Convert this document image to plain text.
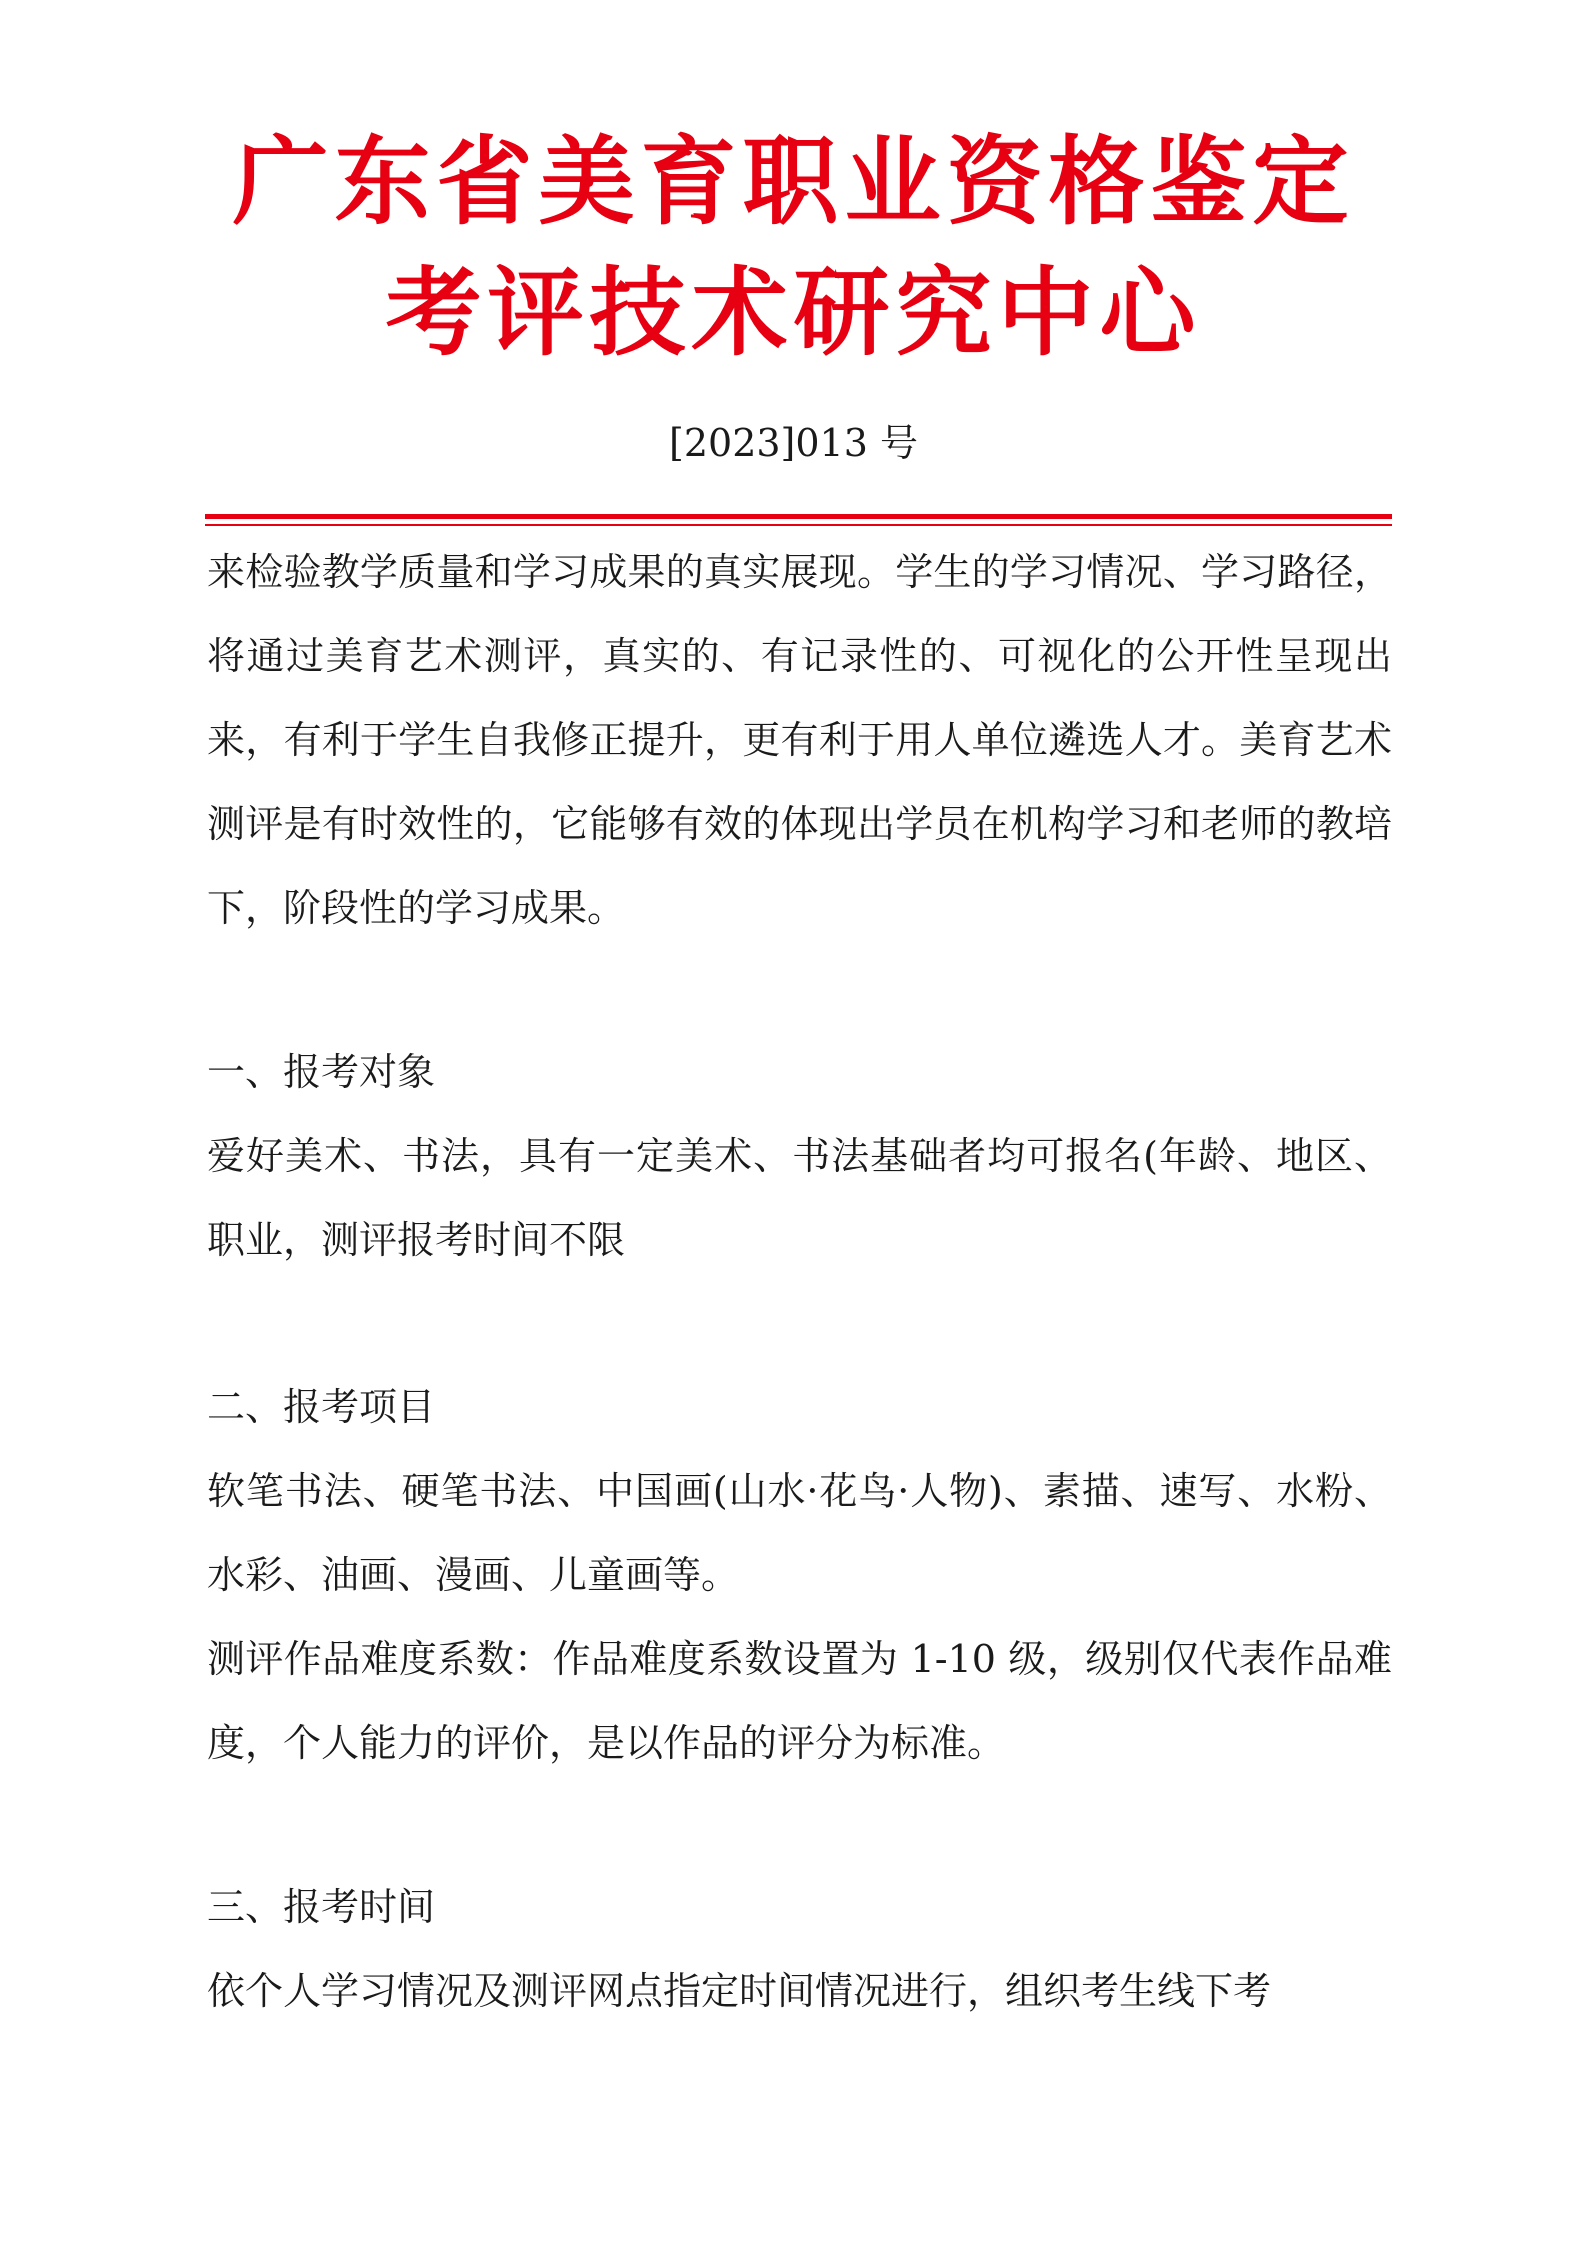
广东省美育职业资格鉴定
考评技术研究中心
[2023]013 号

来检验教学质量和学习成果的真实展现。学生的学习情况、学习路径，将通过美育艺术测评，真实的、有记录性的、可视化的公开性呈现出来，有利于学生自我修正提升，更有利于用人单位遴选人才。美育艺术测评是有时效性的，它能够有效的体现出学员在机构学习和老师的教培下，阶段性的学习成果。

一、报考对象

爱好美术、书法，具有一定美术、书法基础者均可报名(年龄、地区、职业，测评报考时间不限

二、报考项目

软笔书法、硬笔书法、中国画(山水·花鸟·人物)、素描、速写、水粉、水彩、油画、漫画、儿童画等。

测评作品难度系数：作品难度系数设置为 1-10 级，级别仅代表作品难度，个人能力的评价，是以作品的评分为标准。

三、报考时间

依个人学习情况及测评网点指定时间情况进行，组织考生线下考
